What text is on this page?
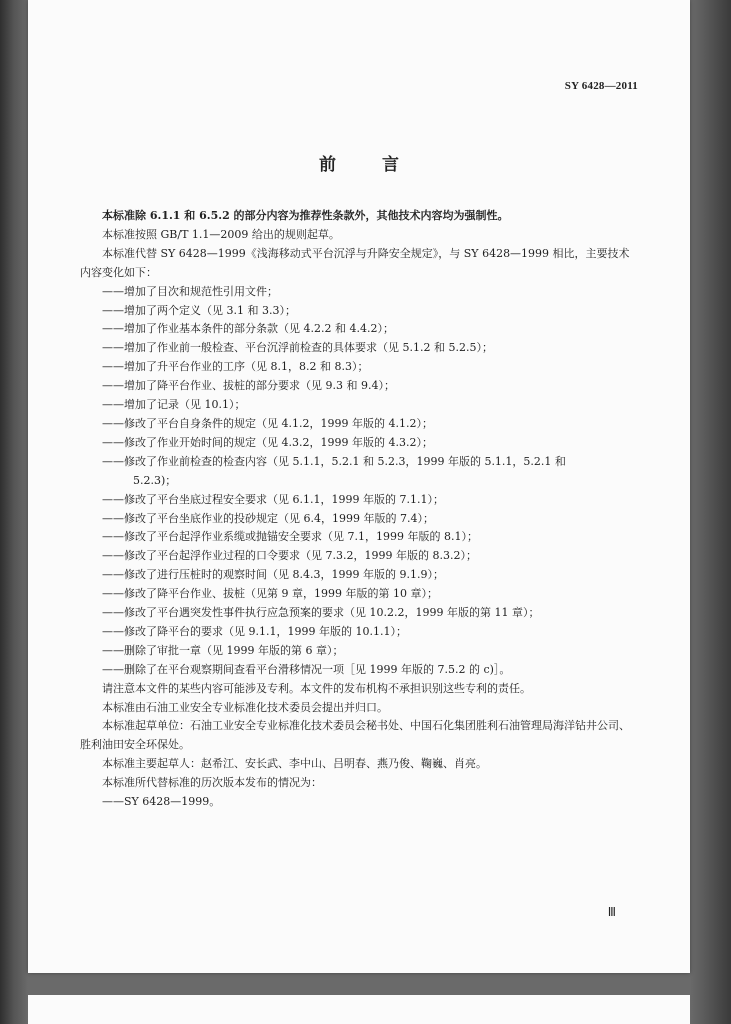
SY 6428—2011
前 言

本标准除 6.1.1 和 6.5.2 的部分内容为推荐性条款外，其他技术内容均为强制性。

本标准按照 GB/T 1.1—2009 给出的规则起草。

本标准代替 SY 6428—1999《浅海移动式平台沉浮与升降安全规定》，与 SY 6428—1999 相比，主要技术内容变化如下：

——增加了目次和规范性引用文件；

——增加了两个定义（见 3.1 和 3.3）；

——增加了作业基本条件的部分条款（见 4.2.2 和 4.4.2）；

——增加了作业前一般检查、平台沉浮前检查的具体要求（见 5.1.2 和 5.2.5）；

——增加了升平台作业的工序（见 8.1，8.2 和 8.3）；

——增加了降平台作业、拔桩的部分要求（见 9.3 和 9.4）；

——增加了记录（见 10.1）；

——修改了平台自身条件的规定（见 4.1.2，1999 年版的 4.1.2）；

——修改了作业开始时间的规定（见 4.3.2，1999 年版的 4.3.2）；

——修改了作业前检查的检查内容（见 5.1.1，5.2.1 和 5.2.3，1999 年版的 5.1.1，5.2.1 和

5.2.3)；

——修改了平台坐底过程安全要求（见 6.1.1，1999 年版的 7.1.1）；

——修改了平台坐底作业的投砂规定（见 6.4，1999 年版的 7.4）；

——修改了平台起浮作业系缆或抛锚安全要求（见 7.1，1999 年版的 8.1）；

——修改了平台起浮作业过程的口令要求（见 7.3.2，1999 年版的 8.3.2）；

——修改了进行压桩时的观察时间（见 8.4.3，1999 年版的 9.1.9）；

——修改了降平台作业、拔桩（见第 9 章，1999 年版的第 10 章）；

——修改了平台遇突发性事件执行应急预案的要求（见 10.2.2，1999 年版的第 11 章）；

——修改了降平台的要求（见 9.1.1，1999 年版的 10.1.1）；

——删除了审批一章（见 1999 年版的第 6 章）；

——删除了在平台观察期间查看平台滑移情况一项［见 1999 年版的 7.5.2 的 c)］。

请注意本文件的某些内容可能涉及专利。本文件的发布机构不承担识别这些专利的责任。

本标准由石油工业安全专业标准化技术委员会提出并归口。

本标准起草单位：石油工业安全专业标准化技术委员会秘书处、中国石化集团胜利石油管理局海洋钻井公司、胜利油田安全环保处。

本标准主要起草人：赵希江、安长武、李中山、吕明春、燕乃俊、鞠巍、肖亮。

本标准所代替标准的历次版本发布的情况为：

——SY 6428—1999。

Ⅲ
